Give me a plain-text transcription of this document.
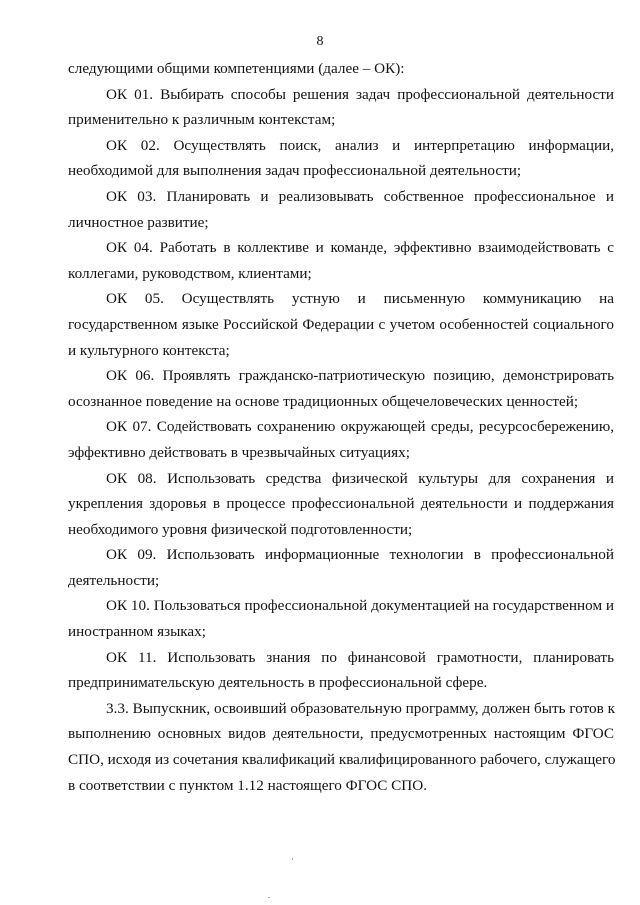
8
следующими общими компетенциями (далее – ОК):
ОК 01. Выбирать способы решения задач профессиональной деятельности
применительно к различным контекстам;
ОК 02. Осуществлять поиск, анализ и интерпретацию информации,
необходимой для выполнения задач профессиональной деятельности;
ОК 03. Планировать и реализовывать собственное профессиональное и
личностное развитие;
ОК 04. Работать в коллективе и команде, эффективно взаимодействовать с
коллегами, руководством, клиентами;
ОК 05. Осуществлять устную и письменную коммуникацию на
государственном языке Российской Федерации с учетом особенностей социального
и культурного контекста;
ОК 06. Проявлять гражданско-патриотическую позицию, демонстрировать
осознанное поведение на основе традиционных общечеловеческих ценностей;
ОК 07. Содействовать сохранению окружающей среды, ресурсосбережению,
эффективно действовать в чрезвычайных ситуациях;
ОК 08. Использовать средства физической культуры для сохранения и
укрепления здоровья в процессе профессиональной деятельности и поддержания
необходимого уровня физической подготовленности;
ОК 09. Использовать информационные технологии в профессиональной
деятельности;
ОК 10. Пользоваться профессиональной документацией на государственном и
иностранном языках;
ОК 11. Использовать знания по финансовой грамотности, планировать
предпринимательскую деятельность в профессиональной сфере.
3.3. Выпускник, освоивший образовательную программу, должен быть готов к
выполнению основных видов деятельности, предусмотренных настоящим ФГОС
СПО, исходя из сочетания квалификаций квалифицированного рабочего, служащего
в соответствии с пунктом 1.12 настоящего ФГОС СПО.
